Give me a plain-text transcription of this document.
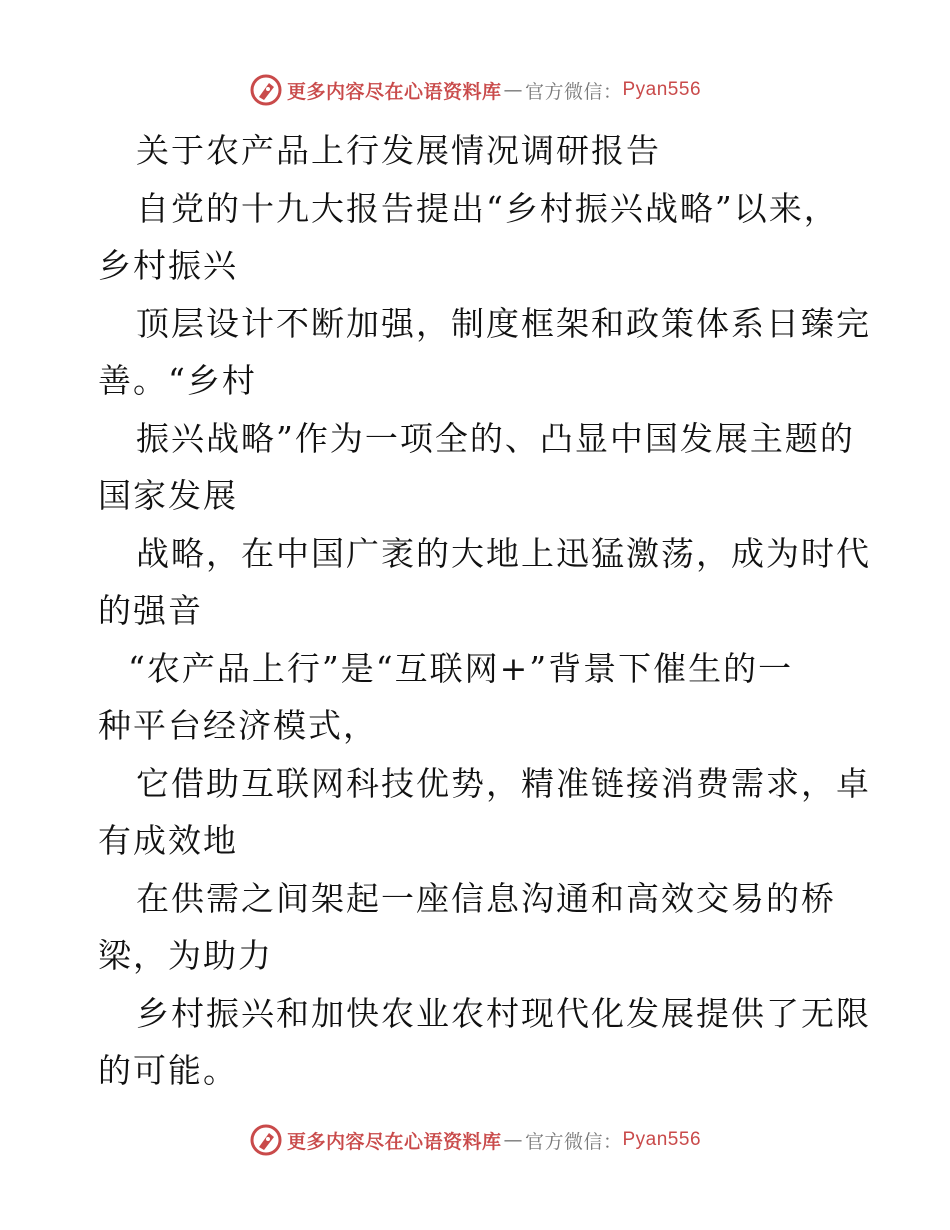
更多内容尽在心语资料库 — 官方微信： Pyan556
关于农产品上行发展情况调研报告
自党的十九大报告提出“乡村振兴战略”以来，
乡村振兴
顶层设计不断加强，制度框架和政策体系日臻完
善。“乡村
振兴战略”作为一项全的、凸显中国发展主题的
国家发展
战略，在中国广袤的大地上迅猛激荡，成为时代
的强音
“农产品上行”是“互联网+”背景下催生的一
种平台经济模式，
它借助互联网科技优势，精准链接消费需求，卓
有成效地
在供需之间架起一座信息沟通和高效交易的桥
梁，为助力
乡村振兴和加快农业农村现代化发展提供了无限
的可能。
更多内容尽在心语资料库 — 官方微信： Pyan556
